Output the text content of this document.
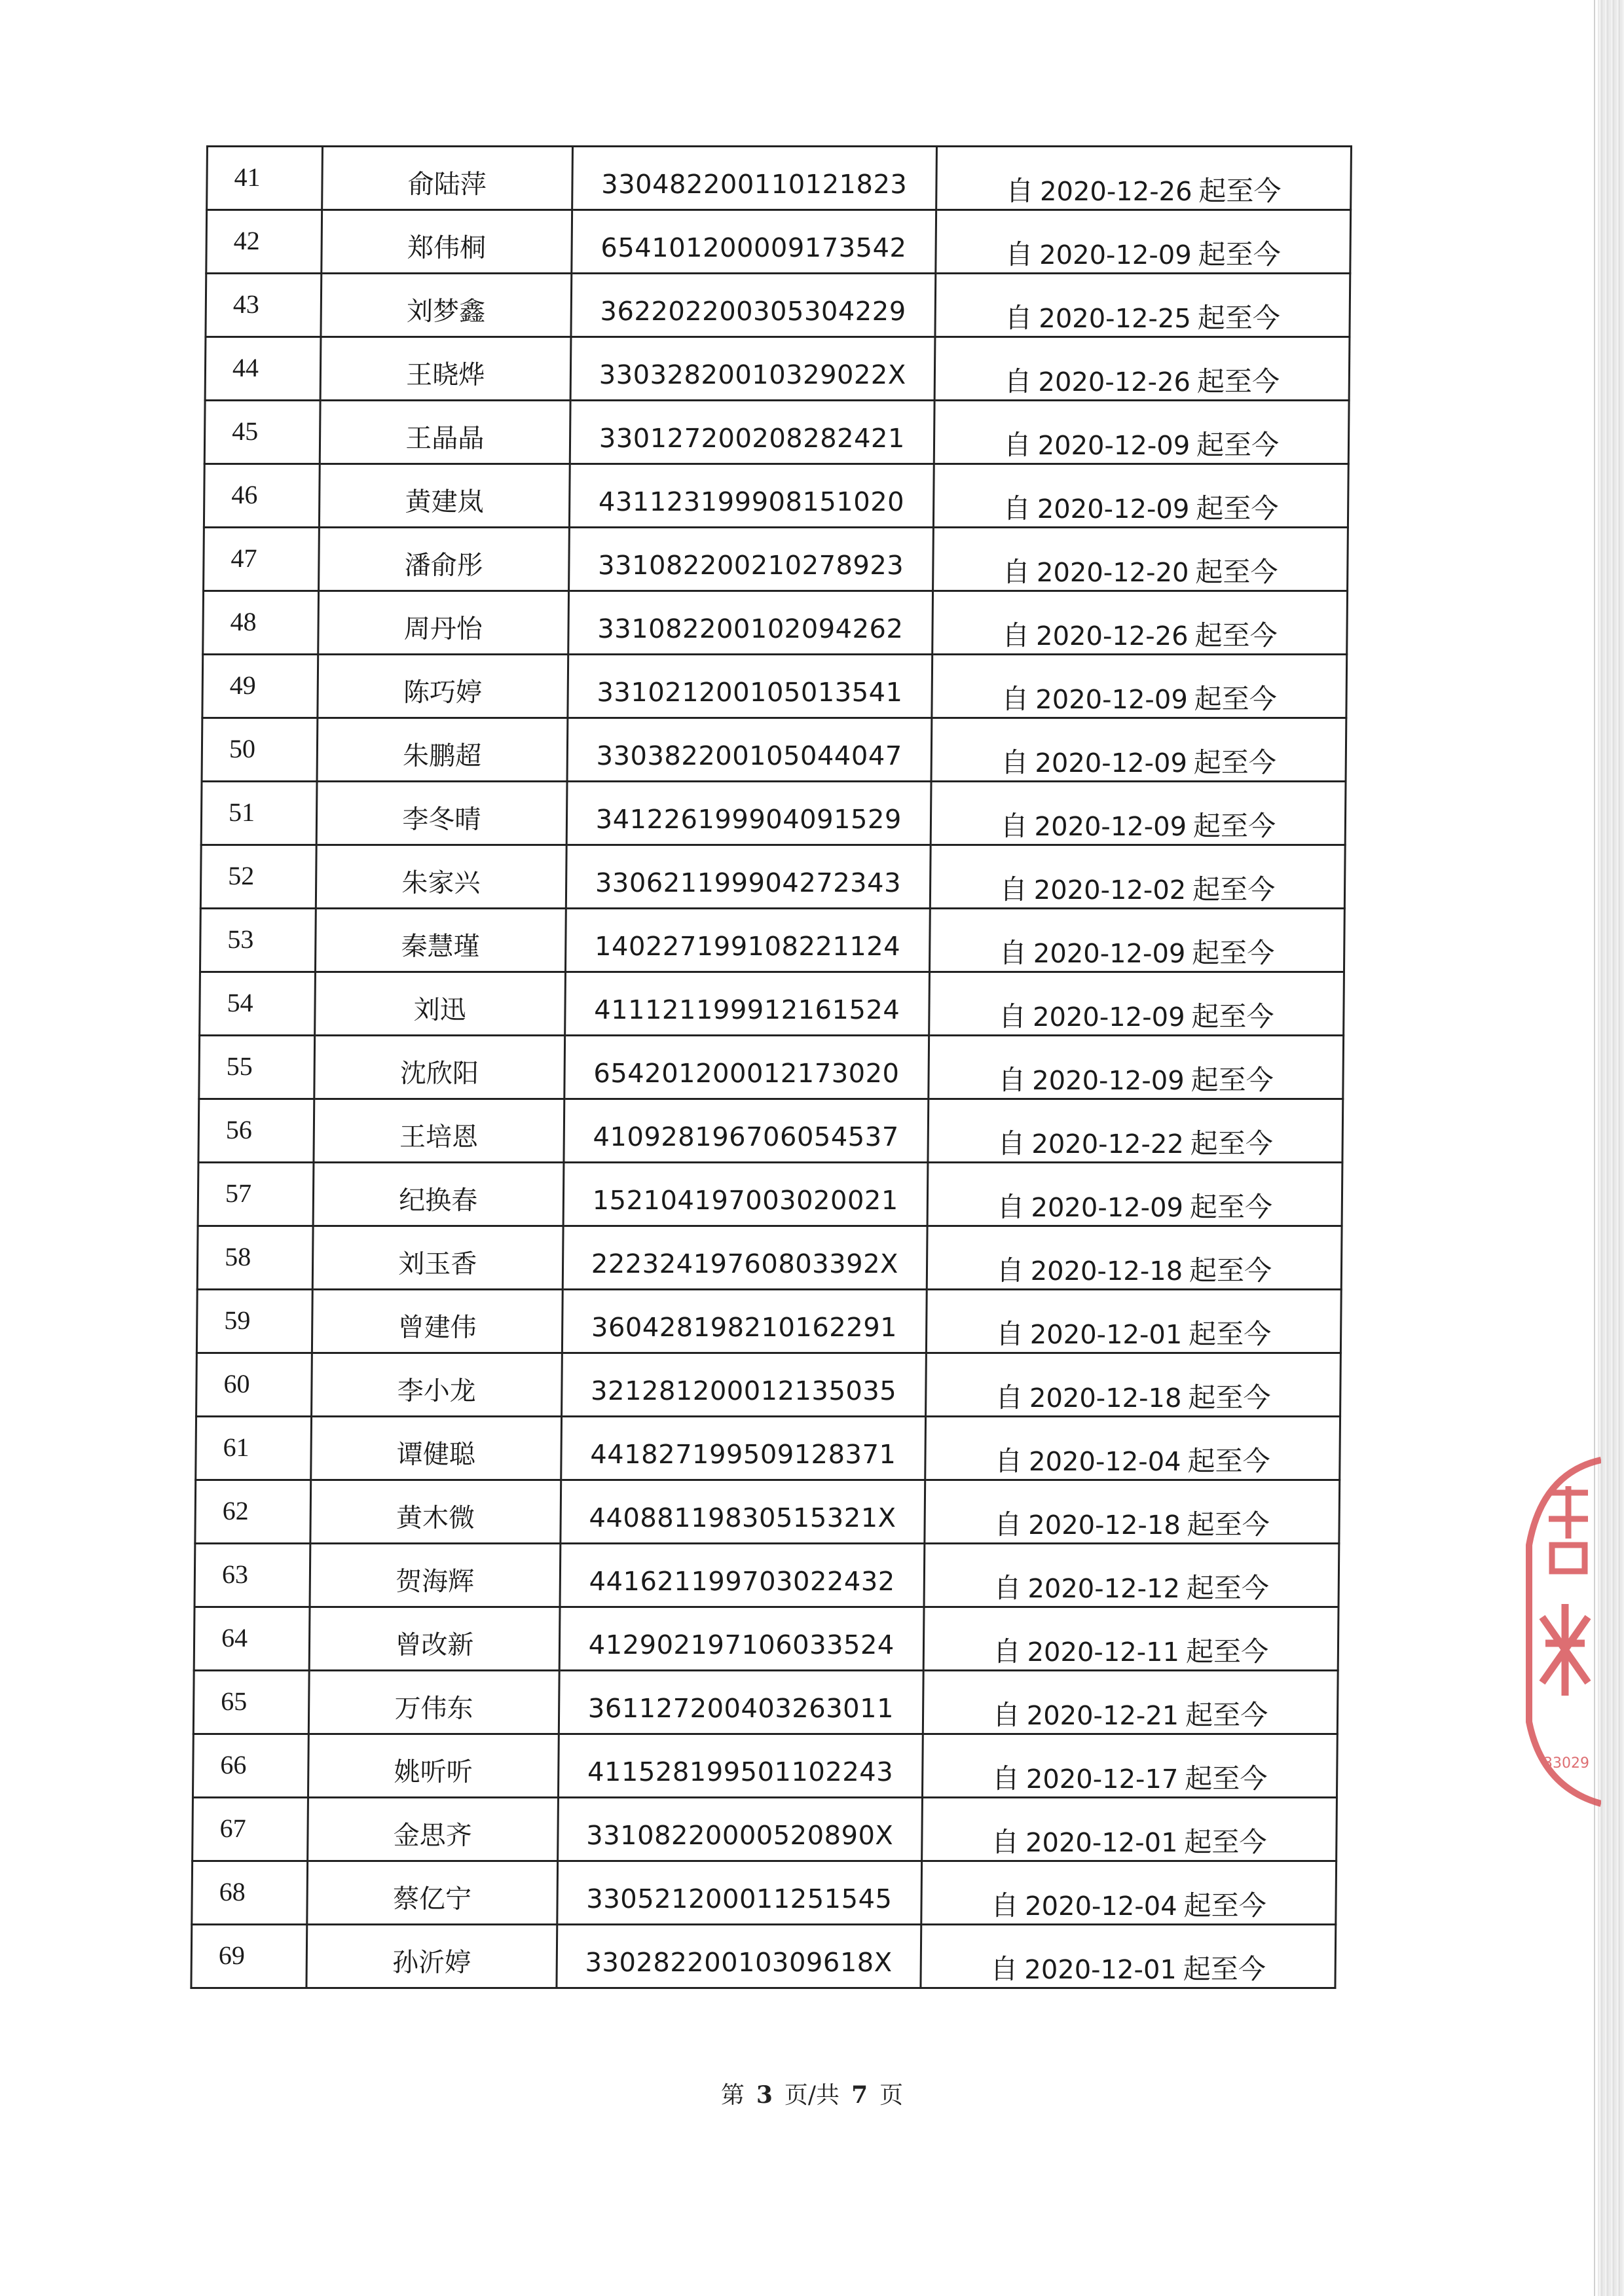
41	俞陆萍	330482200110121823	自 2020-12-26 起至今
42	郑伟桐	654101200009173542	自 2020-12-09 起至今
43	刘梦鑫	362202200305304229	自 2020-12-25 起至今
44	王晓烨	33032820010329022X	自 2020-12-26 起至今
45	王晶晶	330127200208282421	自 2020-12-09 起至今
46	黄建岚	431123199908151020	自 2020-12-09 起至今
47	潘俞彤	331082200210278923	自 2020-12-20 起至今
48	周丹怡	331082200102094262	自 2020-12-26 起至今
49	陈巧婷	331021200105013541	自 2020-12-09 起至今
50	朱鹏超	330382200105044047	自 2020-12-09 起至今
51	李冬晴	341226199904091529	自 2020-12-09 起至今
52	朱家兴	330621199904272343	自 2020-12-02 起至今
53	秦慧瑾	140227199108221124	自 2020-12-09 起至今
54	刘迅	411121199912161524	自 2020-12-09 起至今
55	沈欣阳	654201200012173020	自 2020-12-09 起至今
56	王培恩	410928196706054537	自 2020-12-22 起至今
57	纪换春	152104197003020021	自 2020-12-09 起至今
58	刘玉香	22232419760803392X	自 2020-12-18 起至今
59	曾建伟	360428198210162291	自 2020-12-01 起至今
60	李小龙	321281200012135035	自 2020-12-18 起至今
61	谭健聪	441827199509128371	自 2020-12-04 起至今
62	黄木微	44088119830515321X	自 2020-12-18 起至今
63	贺海辉	441621199703022432	自 2020-12-12 起至今
64	曾改新	412902197106033524	自 2020-12-11 起至今
65	万伟东	361127200403263011	自 2020-12-21 起至今
66	姚听听	411528199501102243	自 2020-12-17 起至今
67	金思齐	33108220000520890X	自 2020-12-01 起至今
68	蔡亿宁	330521200011251545	自 2020-12-04 起至今
69	孙沂婷	33028220010309618X	自 2020-12-01 起至今
第 3 页/共 7 页
33029
